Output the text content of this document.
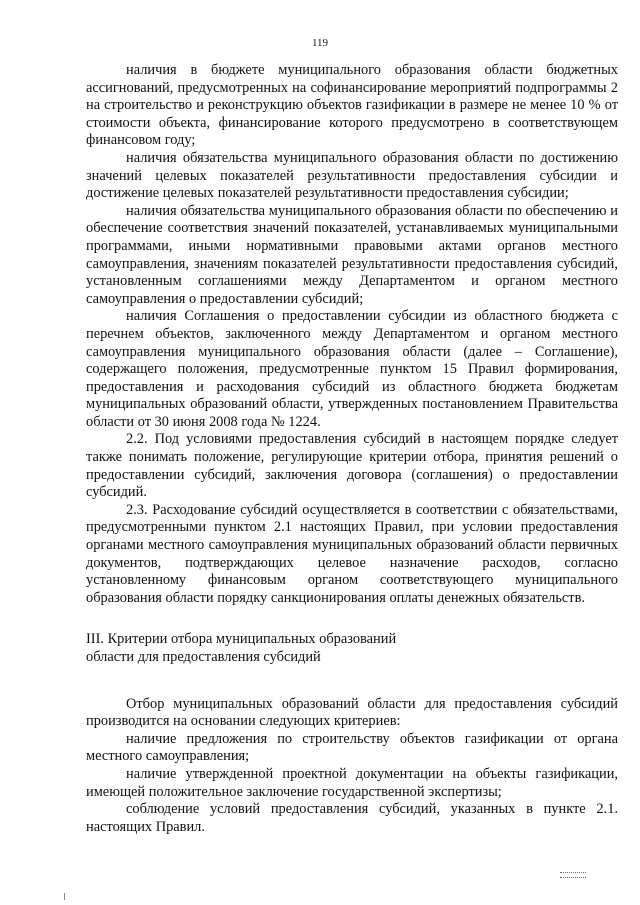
119

наличия в бюджете муниципального образования области бюджетных ассигнований, предусмотренных на софинансирование мероприятий подпрограммы 2 на строительство и реконструкцию объектов газификации в размере не менее 10 % от стоимости объекта, финансирование которого предусмотрено в соответствующем финансовом году;

наличия обязательства муниципального образования области по достижению значений целевых показателей результативности предоставления субсидии и достижение целевых показателей результативности предоставления субсидии;

наличия обязательства муниципального образования области по обеспечению и обеспечение соответствия значений показателей, устанавливаемых муниципальными программами, иными нормативными правовыми актами органов местного самоуправления, значениям показателей результативности предоставления субсидий, установленным соглашениями между Департаментом и органом местного самоуправления о предоставлении субсидий;

наличия Соглашения о предоставлении субсидии из областного бюджета с перечнем объектов, заключенного между Департаментом и органом местного самоуправления муниципального образования области (далее – Соглашение), содержащего положения, предусмотренные пунктом 15 Правил формирования, предоставления и расходования субсидий из областного бюджета бюджетам муниципальных образований области, утвержденных постановлением Правительства области от 30 июня 2008 года № 1224.

2.2. Под условиями предоставления субсидий в настоящем порядке следует также понимать положение, регулирующие критерии отбора, принятия решений о предоставлении субсидий, заключения договора (соглашения) о предоставлении субсидий.

2.3. Расходование субсидий осуществляется в соответствии с обязательствами, предусмотренными пунктом 2.1 настоящих Правил, при условии предоставления органами местного самоуправления муниципальных образований области первичных документов, подтверждающих целевое назначение расходов, согласно установленному финансовым органом соответствующего муниципального образования области порядку санкционирования оплаты денежных обязательств.

III. Критерии отбора муниципальных образований

области для предоставления субсидий

Отбор муниципальных образований области для предоставления субсидий производится на основании следующих критериев:

наличие предложения по строительству объектов газификации от органа местного самоуправления;

наличие утвержденной проектной документации на объекты газификации, имеющей положительное заключение государственной экспертизы;

соблюдение условий предоставления субсидий, указанных в пункте 2.1. настоящих Правил.
